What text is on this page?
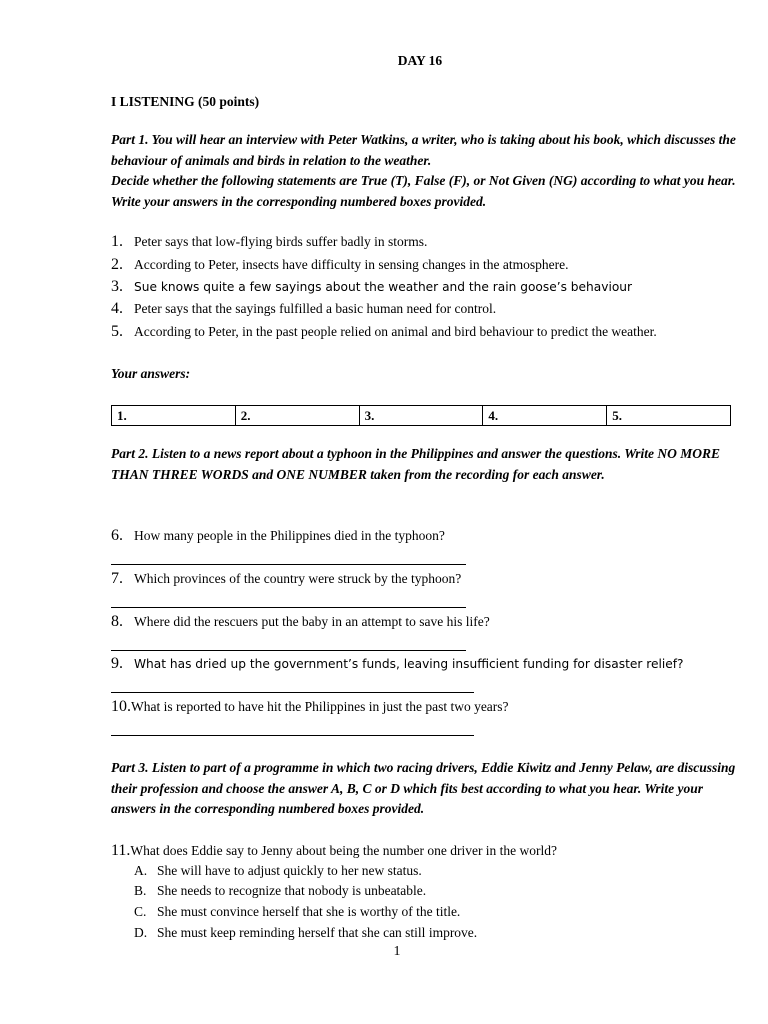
DAY 16
I LISTENING (50 points)
Part 1. You will hear an interview with Peter Watkins, a writer, who is taking about his book, which discusses the behaviour of animals and birds in relation to the weather.
Decide whether the following statements are True (T), False (F), or Not Given (NG) according to what you hear. Write your answers in the corresponding numbered boxes provided.
1. Peter says that low-flying birds suffer badly in storms.
2. According to Peter, insects have difficulty in sensing changes in the atmosphere.
3. Sue knows quite a few sayings about the weather and the rain goose’s behaviour
4. Peter says that the sayings fulfilled a basic human need for control.
5. According to Peter, in the past people relied on animal and bird behaviour to predict the weather.
Your answers:
1.	2.	3.	4.	5.
Part 2. Listen to a news report about a typhoon in the Philippines and answer the questions. Write NO MORE THAN THREE WORDS and ONE NUMBER taken from the recording for each answer.
6. How many people in the Philippines died in the typhoon?
7. Which provinces of the country were struck by the typhoon?
8. Where did the rescuers put the baby in an attempt to save his life?
9. What has dried up the government’s funds, leaving insufficient funding for disaster relief?
10.What is reported to have hit the Philippines in just the past two years?
Part 3. Listen to part of a programme in which two racing drivers, Eddie Kiwitz and Jenny Pelaw, are discussing their profession and choose the answer A, B, C or D which fits best according to what you hear. Write your answers in the corresponding numbered boxes provided.
11.What does Eddie say to Jenny about being the number one driver in the world?
A. She will have to adjust quickly to her new status.
B. She needs to recognize that nobody is unbeatable.
C. She must convince herself that she is worthy of the title.
D. She must keep reminding herself that she can still improve.
1
